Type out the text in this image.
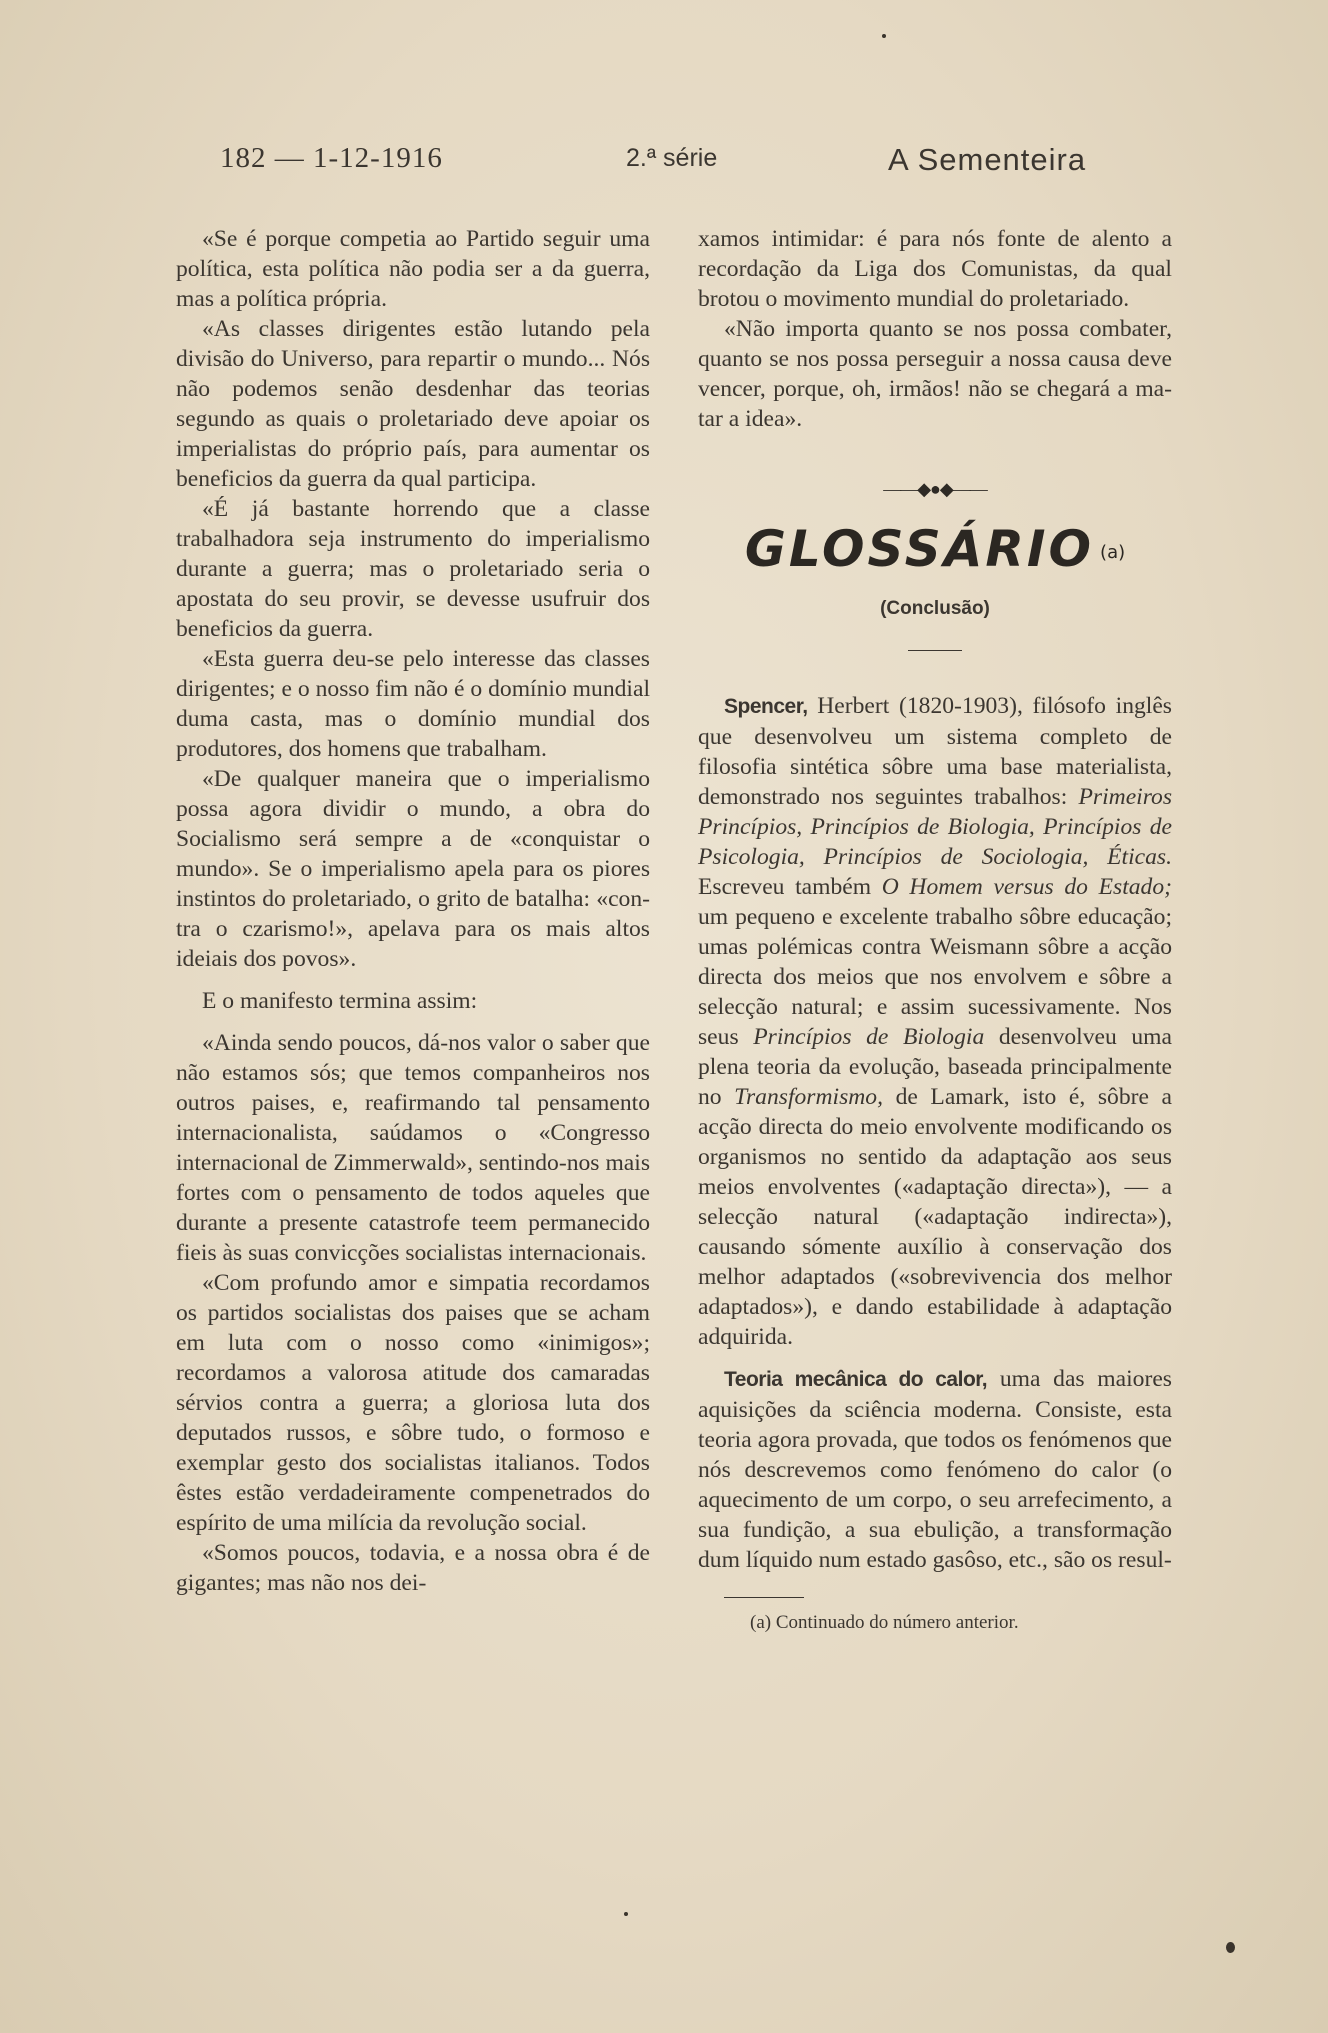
182 — 1-12-1916	2.ª série	A Sementeira

«Se é porque competia ao Partido seguir uma política, esta política não podia ser a da guerra, mas a política própria.

«As classes dirigentes estão lutando pela divisão do Universo, para repartir o mundo... Nós não podemos senão desdenhar das teorias segundo as quais o proletariado deve apoiar os imperialistas do próprio país, para aumentar os beneficios da guerra da qual participa.

«É já bastante horrendo que a classe trabalhadora seja instrumento do imperialismo durante a guerra; mas o proletariado seria o apostata do seu provir, se devesse usufruir dos beneficios da guerra.

«Esta guerra deu-se pelo interesse das classes dirigentes; e o nosso fim não é o domínio mundial duma casta, mas o domínio mundial dos produtores, dos homens que trabalham.

«De qualquer maneira que o imperialismo possa agora dividir o mundo, a obra do Socialismo será sempre a de «conquistar o mundo». Se o imperialismo apela para os piores instintos do proletariado, o grito de batalha: «contra o czarismo!», apelava para os mais altos ideiais dos povos».

E o manifesto termina assim:

«Ainda sendo poucos, dá-nos valor o saber que não estamos sós; que temos companheiros nos outros paises, e, reafirmando tal pensamento internacionalista, saúdamos o «Congresso internacional de Zimmerwald», sentindo-nos mais fortes com o pensamento de todos aqueles que durante a presente catastrofe teem permanecido fieis às suas convicções socialistas internacionais.

«Com profundo amor e simpatia recordamos os partidos socialistas dos paises que se acham em luta com o nosso como «inimigos»; recordamos a valorosa atitude dos camaradas sérvios contra a guerra; a gloriosa luta dos deputados russos, e sôbre tudo, o formoso e exemplar gesto dos socialistas italianos. Todos êstes estão verdadeiramente compenetrados do espírito de uma milícia da revolução social.

«Somos poucos, todavia, e a nossa obra é de gigantes; mas não nos dei-

xamos intimidar: é para nós fonte de alento a recordação da Liga dos Comunistas, da qual brotou o movimento mundial do proletariado.

«Não importa quanto se nos possa combater, quanto se nos possa perseguir a nossa causa deve vencer, porque, oh, irmãos! não se chegará a matar a idea».

——◆●◆——
GLOSSÁRIO $^{(a)}$
(Conclusão)

Spencer, Herbert (1820-1903), filósofo inglês que desenvolveu um sistema completo de filosofia sintética sôbre uma base materialista, demonstrado nos seguintes trabalhos: Primeiros Princípios, Princípios de Biologia, Princípios de Psicologia, Princípios de Sociologia, Éticas. Escreveu também O Homem versus do Estado; um pequeno e excelente trabalho sôbre educação; umas polémicas contra Weismann sôbre a acção directa dos meios que nos envolvem e sôbre a selecção natural; e assim sucessivamente. Nos seus Princípios de Biologia desenvolveu uma plena teoria da evolução, baseada principalmente no Transformismo, de Lamark, isto é, sôbre a acção directa do meio envolvente modificando os organismos no sentido da adaptação aos seus meios envolventes («adaptação directa»), — a selecção natural («adaptação indirecta»), causando sómente auxílio à conservação dos melhor adaptados («sobrevivencia dos melhor adaptados»), e dando estabilidade à adaptação adquirida.

Teoria mecânica do calor, uma das maiores aquisições da sciência moderna. Consiste, esta teoria agora provada, que todos os fenómenos que nós descrevemos como fenómeno do calor (o aquecimento de um corpo, o seu arrefecimento, a sua fundição, a sua ebulição, a transformação dum líquido num estado gasôso, etc., são os resul-

(a) Continuado do número anterior.
